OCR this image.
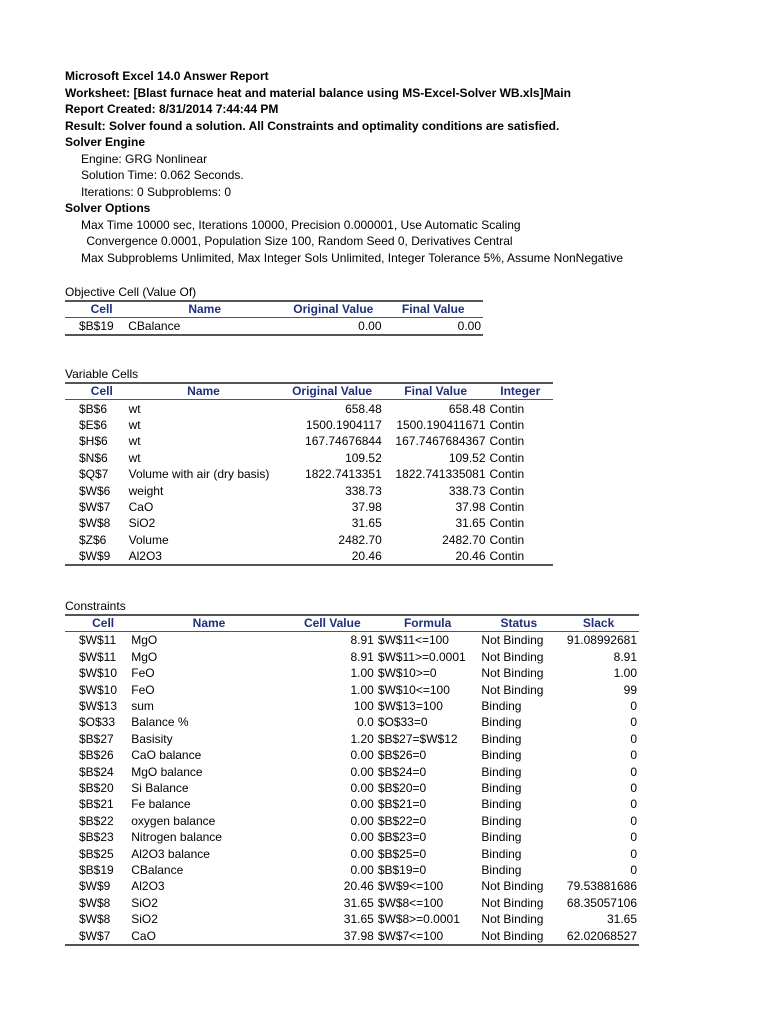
Microsoft Excel 14.0 Answer Report
Worksheet: [Blast furnace heat and material balance using MS-Excel-Solver WB.xls]Main
Report Created: 8/31/2014 7:44:44 PM
Result: Solver found a solution. All Constraints and optimality conditions are satisfied.
Solver Engine
Engine: GRG Nonlinear
Solution Time: 0.062 Seconds.
Iterations: 0 Subproblems: 0
Solver Options
Max Time 10000 sec, Iterations 10000, Precision 0.000001, Use Automatic Scaling
Convergence 0.0001, Population Size 100, Random Seed 0, Derivatives Central
Max Subproblems Unlimited, Max Integer Sols Unlimited, Integer Tolerance 5%, Assume NonNegative
Objective Cell (Value Of)
Cell	Name	Original Value	Final Value
$B$19	CBalance	0.00	0.00
Variable Cells
Cell	Name	Original Value	Final Value	Integer
$B$6	wt	658.48	658.48	Contin
$E$6	wt	1500.1904117	1500.190411671	Contin
$H$6	wt	167.74676844	167.7467684367	Contin
$N$6	wt	109.52	109.52	Contin
$Q$7	Volume with air (dry basis)	1822.7413351	1822.741335081	Contin
$W$6	weight	338.73	338.73	Contin
$W$7	CaO	37.98	37.98	Contin
$W$8	SiO2	31.65	31.65	Contin
$Z$6	Volume	2482.70	2482.70	Contin
$W$9	Al2O3	20.46	20.46	Contin
Constraints
Cell	Name	Cell Value	Formula	Status	Slack
$W$11	MgO	8.91	$W$11<=100	Not Binding	91.08992681
$W$11	MgO	8.91	$W$11>=0.0001	Not Binding	8.91
$W$10	FeO	1.00	$W$10>=0	Not Binding	1.00
$W$10	FeO	1.00	$W$10<=100	Not Binding	99
$W$13	sum	100	$W$13=100	Binding	0
$O$33	Balance %	0.0	$O$33=0	Binding	0
$B$27	Basisity	1.20	$B$27=$W$12	Binding	0
$B$26	CaO balance	0.00	$B$26=0	Binding	0
$B$24	MgO balance	0.00	$B$24=0	Binding	0
$B$20	Si Balance	0.00	$B$20=0	Binding	0
$B$21	Fe balance	0.00	$B$21=0	Binding	0
$B$22	oxygen balance	0.00	$B$22=0	Binding	0
$B$23	Nitrogen balance	0.00	$B$23=0	Binding	0
$B$25	Al2O3 balance	0.00	$B$25=0	Binding	0
$B$19	CBalance	0.00	$B$19=0	Binding	0
$W$9	Al2O3	20.46	$W$9<=100	Not Binding	79.53881686
$W$8	SiO2	31.65	$W$8<=100	Not Binding	68.35057106
$W$8	SiO2	31.65	$W$8>=0.0001	Not Binding	31.65
$W$7	CaO	37.98	$W$7<=100	Not Binding	62.02068527
